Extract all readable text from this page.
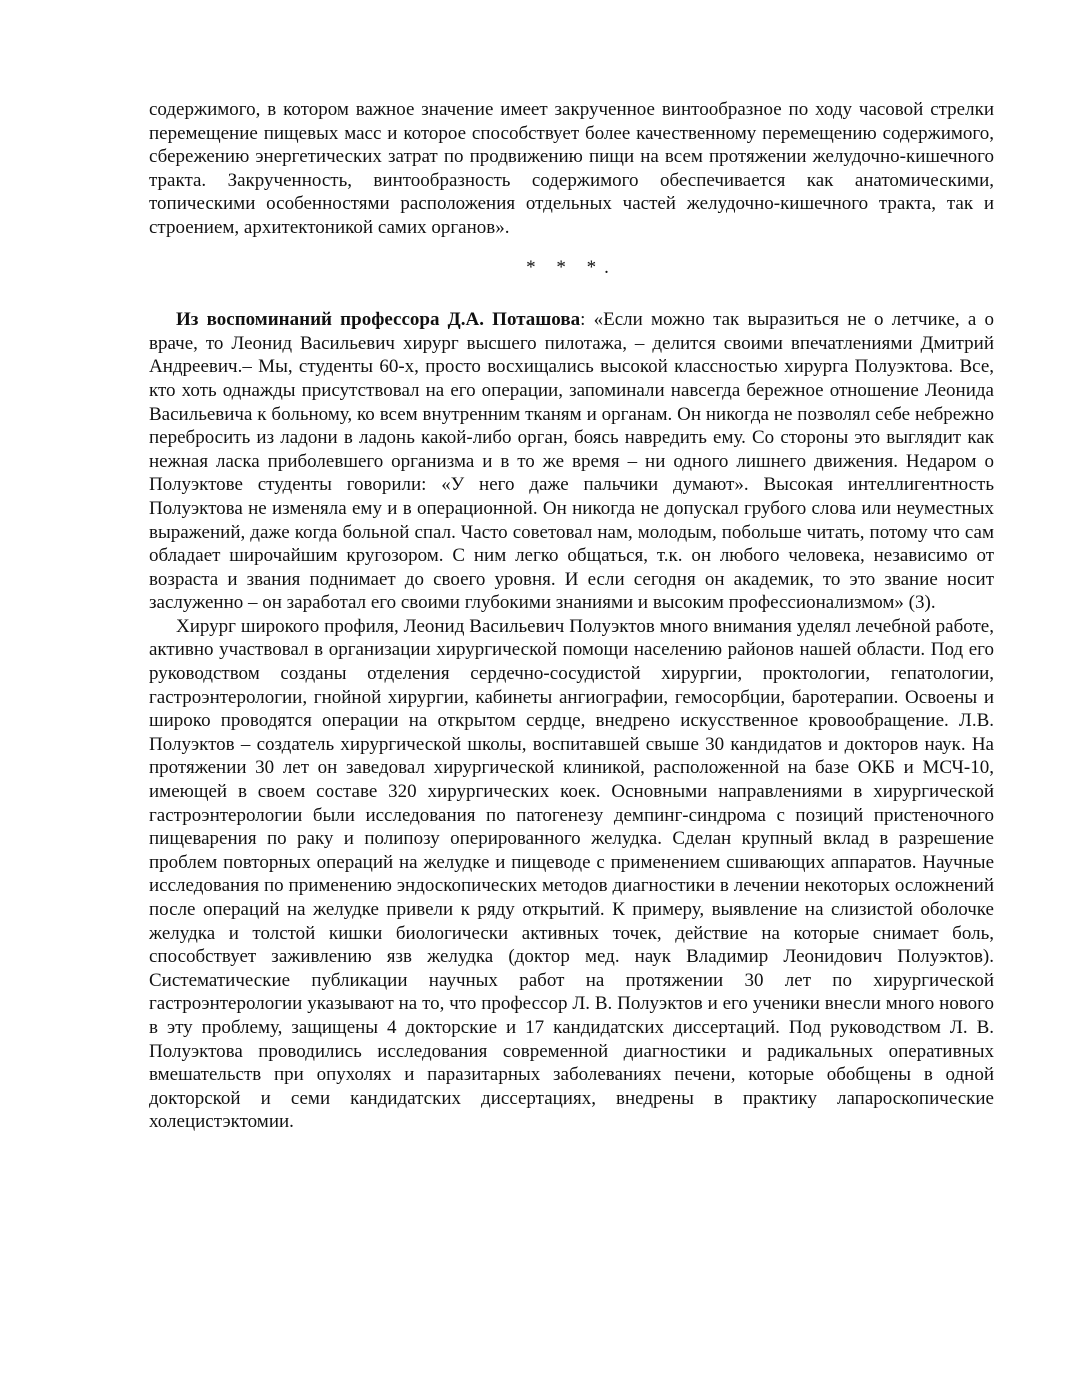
содержимого, в котором важное значение имеет закрученное винтообразное по ходу часовой стрелки перемещение пищевых масс и которое способствует более качественному перемещению содержимого, сбережению энергетических затрат по продвижению пищи на всем протяжении желудочно-кишечного тракта. Закрученность, винтообразность содержимого обеспечивается как анатомическими, топическими особенностями расположения отдельных частей желудочно-кишечного тракта, так и строением, архитектоникой самих органов».

* * *.

Из воспоминаний профессора Д.А. Поташова: «Если можно так выразиться не о летчике, а о враче, то Леонид Васильевич хирург высшего пилотажа, – делится своими впечатлениями Дмитрий Андреевич.– Мы, студенты 60-х, просто восхищались высокой классностью хирурга Полуэктова. Все, кто хоть однажды присутствовал на его операции, запоминали навсегда бережное отношение Леонида Васильевича к больному, ко всем внутренним тканям и органам. Он никогда не позволял себе небрежно перебросить из ладони в ладонь какой-либо орган, боясь навредить ему. Со стороны это выглядит как нежная ласка приболевшего организма и в то же время – ни одного лишнего движения. Недаром о Полуэктове студенты говорили: «У него даже пальчики думают». Высокая интеллигентность Полуэктова не изменяла ему и в операционной. Он никогда не допускал грубого слова или неуместных выражений, даже когда больной спал. Часто советовал нам, молодым, побольше читать, потому что сам обладает широчайшим кругозором. С ним легко общаться, т.к. он любого человека, независимо от возраста и звания поднимает до своего уровня. И если сегодня он академик, то это звание носит заслуженно – он заработал его своими глубокими знаниями и высоким профессионализмом» (3).

Хирург широкого профиля, Леонид Васильевич Полуэктов много внимания уделял лечебной работе, активно участвовал в организации хирургической помощи населению районов нашей области. Под его руководством созданы отделения сердечно-сосудистой хирургии, проктологии, гепатологии, гастроэнтерологии, гнойной хирургии, кабинеты ангиографии, гемосорбции, баротерапии. Освоены и широко проводятся операции на открытом сердце, внедрено искусственное кровообращение. Л.В. Полуэктов – создатель хирургической школы, воспитавшей свыше 30 кандидатов и докторов наук. На протяжении 30 лет он заведовал хирургической клиникой, расположенной на базе ОКБ и МСЧ-10, имеющей в своем составе 320 хирургических коек. Основными направлениями в хирургической гастроэнтерологии были исследования по патогенезу демпинг-синдрома с позиций пристеночного пищеварения по раку и полипозу оперированного желудка. Сделан крупный вклад в разрешение проблем повторных операций на желудке и пищеводе с применением сшивающих аппаратов. Научные исследования по применению эндоскопических методов диагностики в лечении некоторых осложнений после операций на желудке привели к ряду открытий. К примеру, выявление на слизистой оболочке желудка и толстой кишки биологически активных точек, действие на которые снимает боль, способствует заживлению язв желудка (доктор мед. наук Владимир Леонидович Полуэктов). Систематические публикации научных работ на протяжении 30 лет по хирургической гастроэнтерологии указывают на то, что профессор Л. В. Полуэктов и его ученики внесли много нового в эту проблему, защищены 4 докторские и 17 кандидатских диссертаций. Под руководством Л. В. Полуэктова проводились исследования современной диагностики и радикальных оперативных вмешательств при опухолях и паразитарных заболеваниях печени, которые обобщены в одной докторской и семи кандидатских диссертациях, внедрены в практику лапароскопические холецистэктомии.
